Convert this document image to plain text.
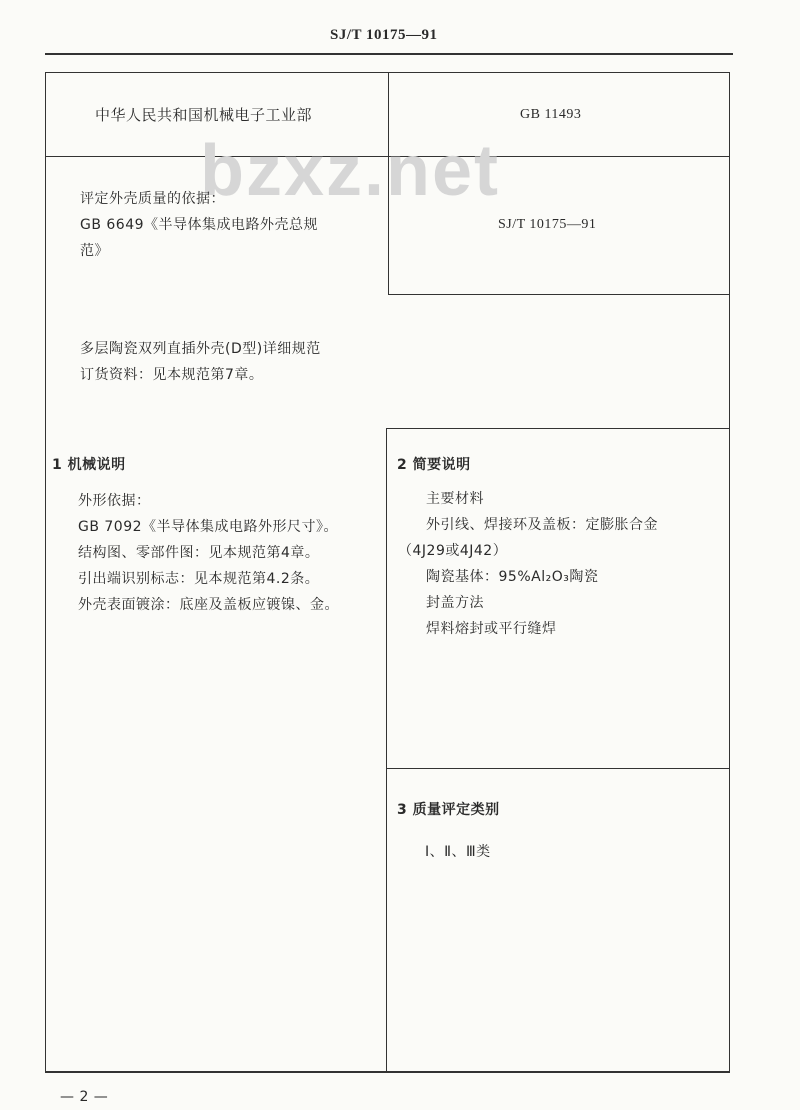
SJ/T 10175—91
bzxz.net
中华人民共和国机械电子工业部	GB 11493
评定外壳质量的依据：
GB 6649《半导体集成电路外壳总规
范》
SJ/T 10175—91
多层陶瓷双列直插外壳(D型)详细规范
订货资料：见本规范第7章。
1 机械说明
外形依据：
GB 7092《半导体集成电路外形尺寸》。
结构图、零部件图：见本规范第4章。
引出端识别标志：见本规范第4.2条。
外壳表面镀涂：底座及盖板应镀镍、金。
2 简要说明
主要材料
外引线、焊接环及盖板：定膨胀合金
（4J29或4J42）
陶瓷基体：95%Al₂O₃陶瓷
封盖方法
焊料熔封或平行缝焊
3 质量评定类别
Ⅰ、Ⅱ、Ⅲ类
— 2 —
